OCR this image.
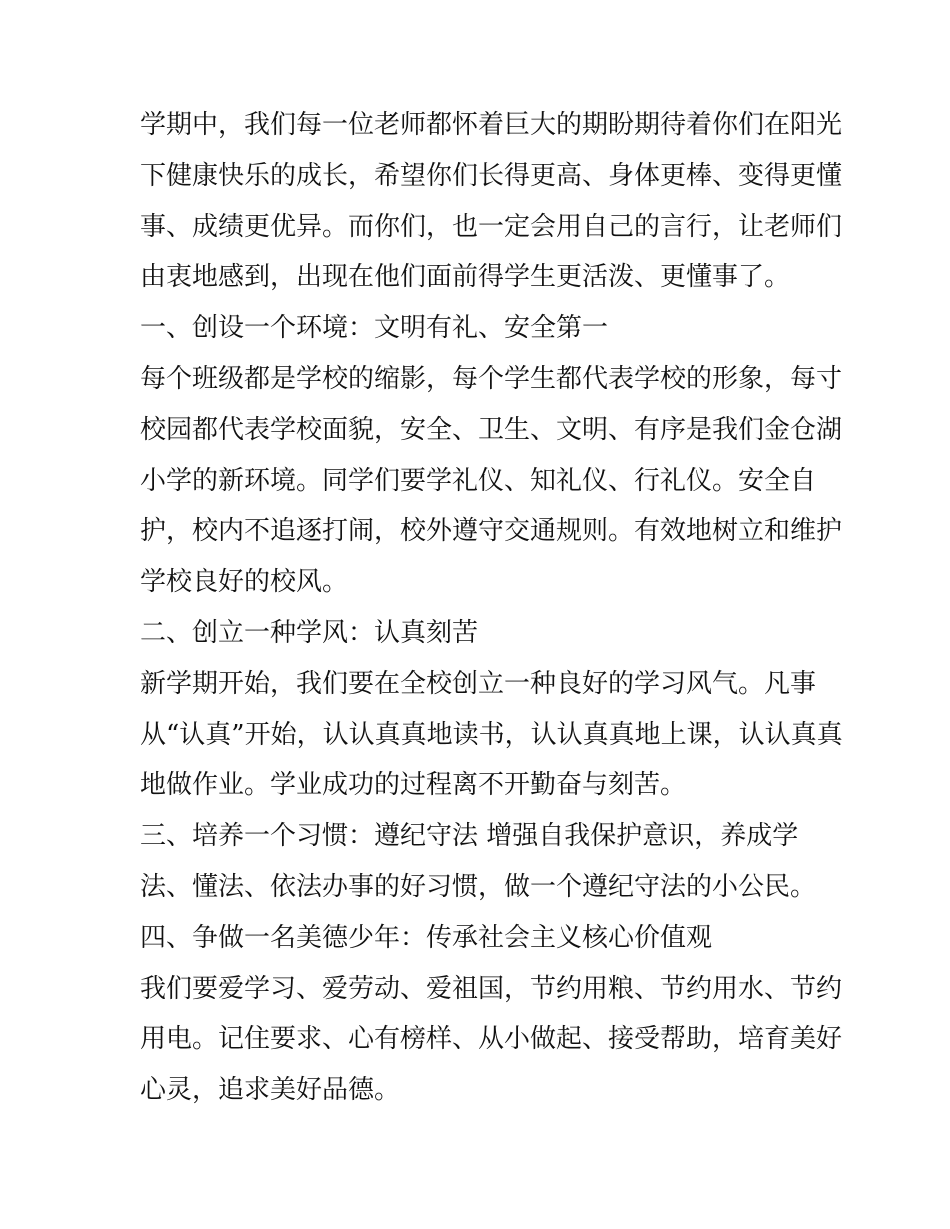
学期中，我们每一位老师都怀着巨大的期盼期待着你们在阳光
下健康快乐的成长，希望你们长得更高、身体更棒、变得更懂
事、成绩更优异。而你们，也一定会用自己的言行，让老师们
由衷地感到，出现在他们面前得学生更活泼、更懂事了。
一、创设一个环境：文明有礼、安全第一
每个班级都是学校的缩影，每个学生都代表学校的形象，每寸
校园都代表学校面貌，安全、卫生、文明、有序是我们金仓湖
小学的新环境。同学们要学礼仪、知礼仪、行礼仪。安全自
护，校内不追逐打闹，校外遵守交通规则。有效地树立和维护
学校良好的校风。
二、创立一种学风：认真刻苦
新学期开始，我们要在全校创立一种良好的学习风气。凡事
从“认真”开始，认认真真地读书，认认真真地上课，认认真真
地做作业。学业成功的过程离不开勤奋与刻苦。
三、培养一个习惯：遵纪守法 增强自我保护意识，养成学
法、懂法、依法办事的好习惯，做一个遵纪守法的小公民。
四、争做一名美德少年：传承社会主义核心价值观
我们要爱学习、爱劳动、爱祖国，节约用粮、节约用水、节约
用电。记住要求、心有榜样、从小做起、接受帮助，培育美好
心灵，追求美好品德。
